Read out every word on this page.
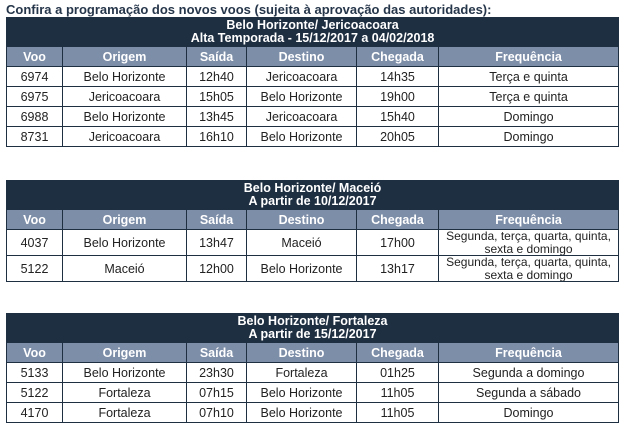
Confira a programação dos novos voos (sujeita à aprovação das autoridades):
Belo Horizonte/ Jericoacoara
Alta Temporada - 15/12/2017 a 04/02/2018					

Voo	Origem	Saída	Destino	Chegada	Frequência
6974	Belo Horizonte	12h40	Jericoacoara	14h35	Terça e quinta
6975	Jericoacoara	15h05	Belo Horizonte	19h00	Terça e quinta
6988	Belo Horizonte	13h45	Jericoacoara	15h40	Domingo
8731	Jericoacoara	16h10	Belo Horizonte	20h05	Domingo
Belo Horizonte/ Maceió
A partir de 10/12/2017					

Voo	Origem	Saída	Destino	Chegada	Frequência
4037	Belo Horizonte	13h47	Maceió	17h00	Segunda, terça, quarta, quinta, sexta e domingo
5122	Maceió	12h00	Belo Horizonte	13h17	Segunda, terça, quarta, quinta, sexta e domingo
Belo Horizonte/ Fortaleza
A partir de 15/12/2017					

Voo	Origem	Saída	Destino	Chegada	Frequência
5133	Belo Horizonte	23h30	Fortaleza	01h25	Segunda a domingo
5122	Fortaleza	07h15	Belo Horizonte	11h05	Segunda a sábado
4170	Fortaleza	07h10	Belo Horizonte	11h05	Domingo
